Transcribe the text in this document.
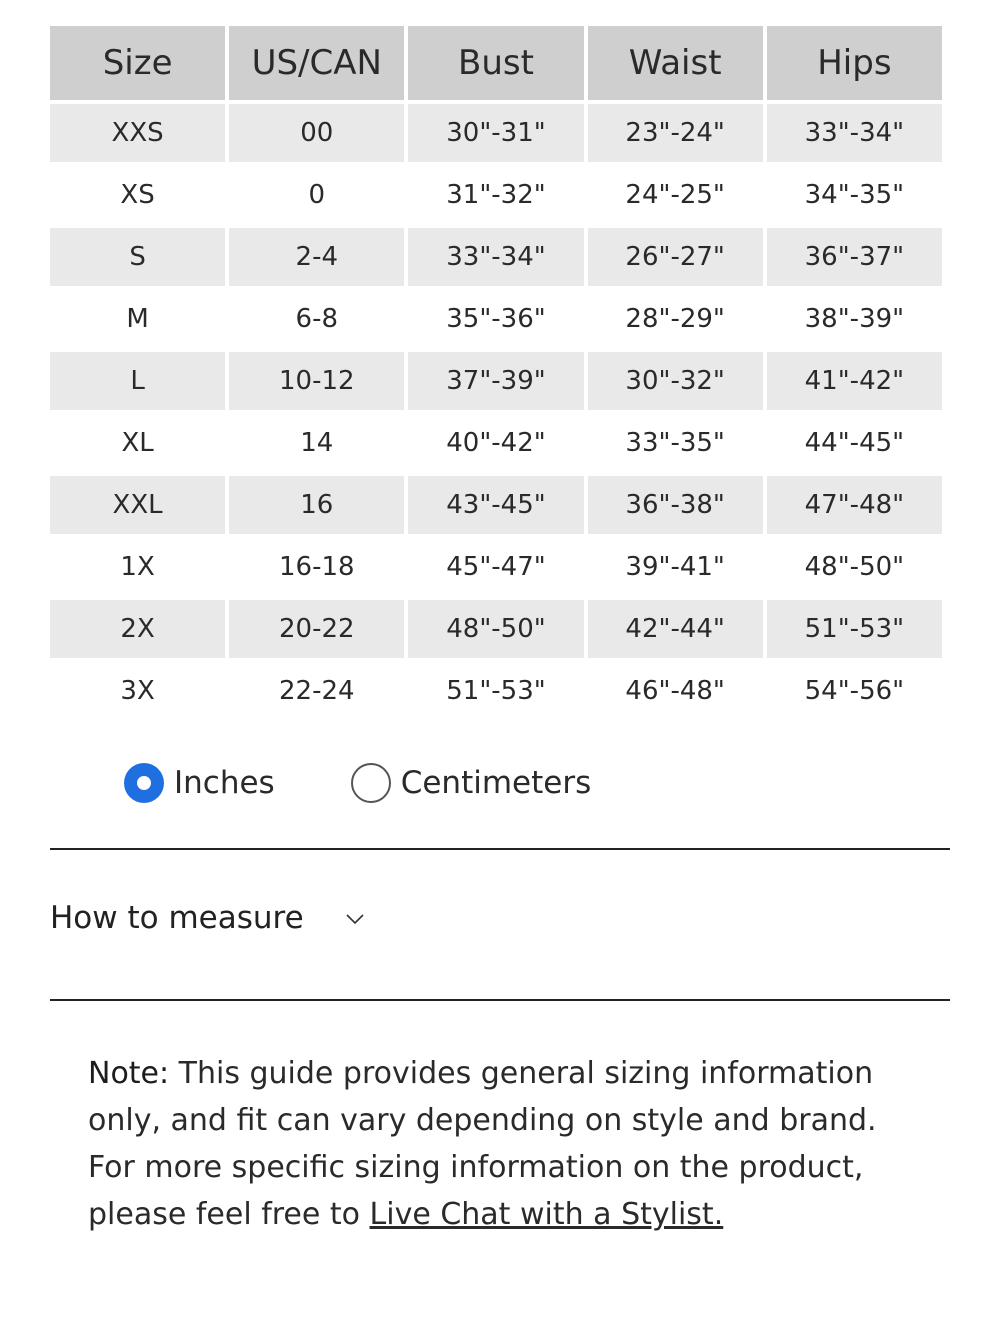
Size	US/CAN	Bust	Waist	Hips
XXS	00	30"-31"	23"-24"	33"-34"
XS	0	31"-32"	24"-25"	34"-35"
S	2-4	33"-34"	26"-27"	36"-37"
M	6-8	35"-36"	28"-29"	38"-39"
L	10-12	37"-39"	30"-32"	41"-42"
XL	14	40"-42"	33"-35"	44"-45"
XXL	16	43"-45"	36"-38"	47"-48"
1X	16-18	45"-47"	39"-41"	48"-50"
2X	20-22	48"-50"	42"-44"	51"-53"
3X	22-24	51"-53"	46"-48"	54"-56"
Inches	Centimeters
How to measure
Note: This guide provides general sizing information only, and fit can vary depending on style and brand. For more specific sizing information on the product, please feel free to Live Chat with a Stylist.
